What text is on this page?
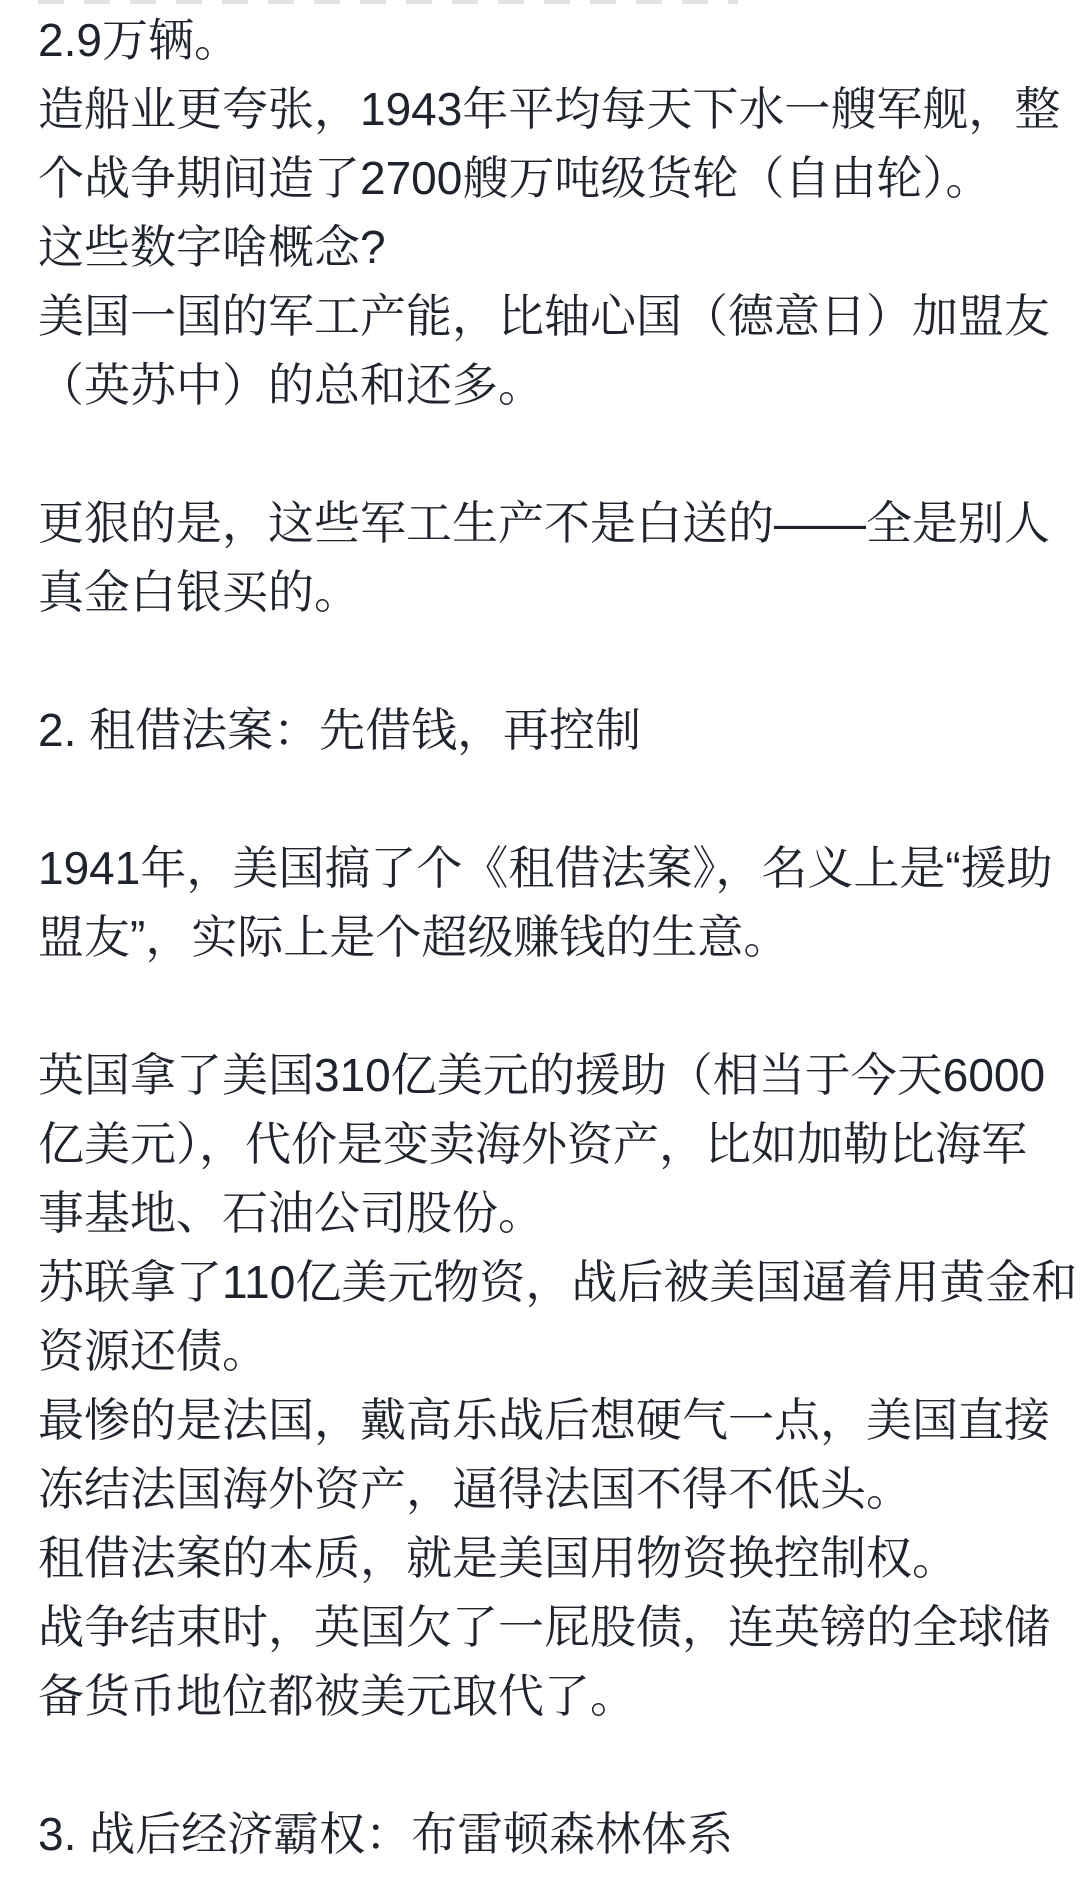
2.9万辆。
造船业更夸张，1943年平均每天下水一艘军舰，整
个战争期间造了2700艘万吨级货轮（自由轮）。
这些数字啥概念?
美国一国的军工产能，比轴心国（德意日）加盟友
（英苏中）的总和还多。
更狠的是，这些军工生产不是白送的——全是别人
真金白银买的。
2. 租借法案：先借钱，再控制
1941年，美国搞了个《租借法案》，名义上是“援助
盟友”，实际上是个超级赚钱的生意。
英国拿了美国310亿美元的援助（相当于今天6000
亿美元），代价是变卖海外资产，比如加勒比海军
事基地、石油公司股份。
苏联拿了110亿美元物资，战后被美国逼着用黄金和
资源还债。
最惨的是法国，戴高乐战后想硬气一点，美国直接
冻结法国海外资产，逼得法国不得不低头。
租借法案的本质，就是美国用物资换控制权。
战争结束时，英国欠了一屁股债，连英镑的全球储
备货币地位都被美元取代了。
3. 战后经济霸权：布雷顿森林体系
